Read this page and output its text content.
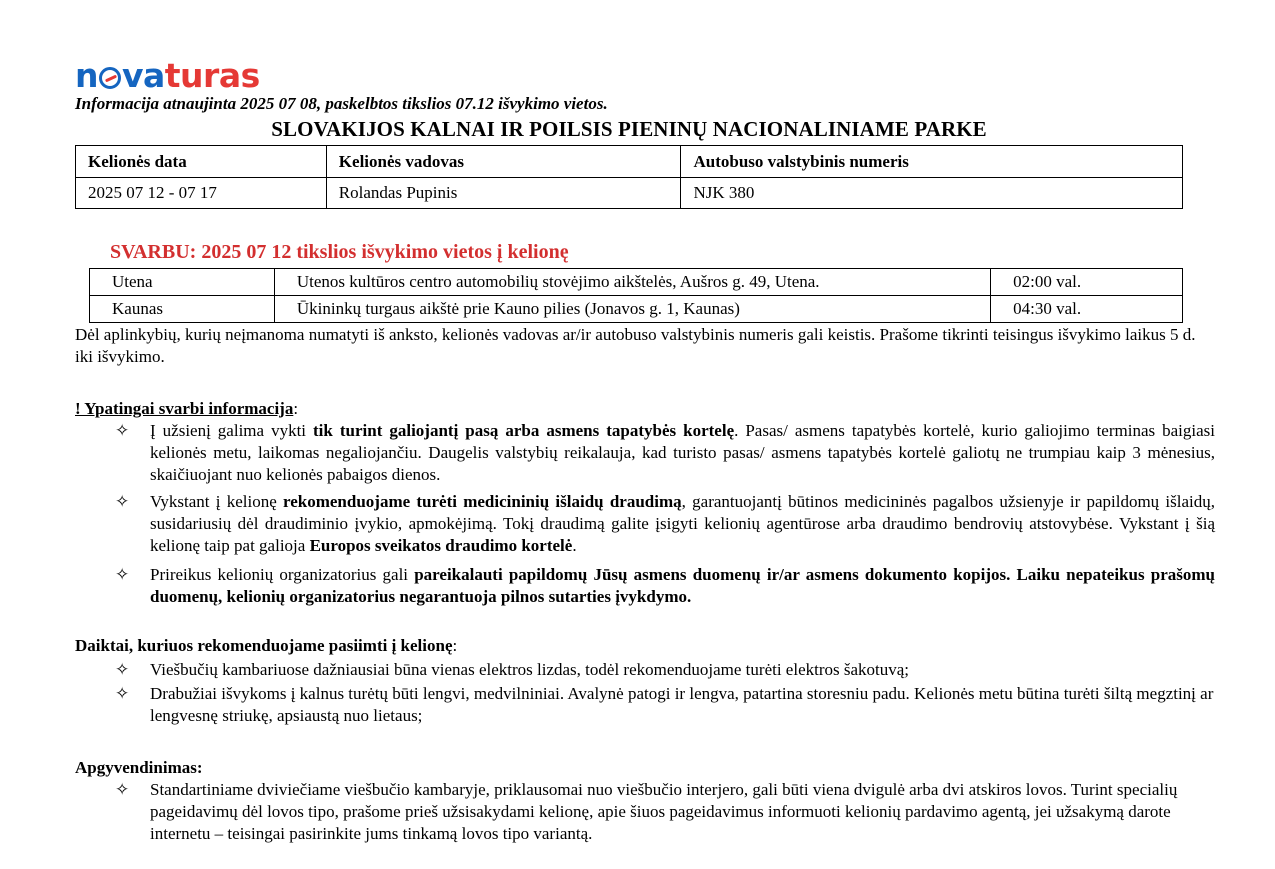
n va turas
Informacija atnaujinta 2025 07 08, paskelbtos tikslios 07.12 išvykimo vietos.
SLOVAKIJOS KALNAI IR POILSIS PIENINŲ NACIONALINIAME PARKE
Kelionės data	Kelionės vadovas	Autobuso valstybinis numeris
2025 07 12 - 07 17	Rolandas Pupinis	NJK 380
SVARBU: 2025 07 12 tikslios išvykimo vietos į kelionę
Utena	Utenos kultūros centro automobilių stovėjimo aikštelės, Aušros g. 49, Utena.	02:00 val.
Kaunas	Ūkininkų turgaus aikštė prie Kauno pilies (Jonavos g. 1, Kaunas)	04:30 val.
Dėl aplinkybių, kurių neįmanoma numatyti iš anksto, kelionės vadovas ar/ir autobuso valstybinis numeris gali keistis. Prašome tikrinti teisingus išvykimo laikus 5 d. iki išvykimo.
! Ypatingai svarbi informacija:
✧	Į užsienį galima vykti tik turint galiojantį pasą arba asmens tapatybės kortelę. Pasas/ asmens tapatybės kortelė, kurio galiojimo terminas baigiasi kelionės metu, laikomas negaliojančiu. Daugelis valstybių reikalauja, kad turisto pasas/ asmens tapatybės kortelė galiotų ne trumpiau kaip 3 mėnesius, skaičiuojant nuo kelionės pabaigos dienos.
✧	Vykstant į kelionę rekomenduojame turėti medicininių išlaidų draudimą, garantuojantį būtinos medicininės pagalbos užsienyje ir papildomų išlaidų, susidariusių dėl draudiminio įvykio, apmokėjimą. Tokį draudimą galite įsigyti kelionių agentūrose arba draudimo bendrovių atstovybėse. Vykstant į šią kelionę taip pat galioja Europos sveikatos draudimo kortelė.
✧	Prireikus kelionių organizatorius gali pareikalauti papildomų Jūsų asmens duomenų ir/ar asmens dokumento kopijos. Laiku nepateikus prašomų duomenų, kelionių organizatorius negarantuoja pilnos sutarties įvykdymo.
Daiktai, kuriuos rekomenduojame pasiimti į kelionę:
✧	Viešbučių kambariuose dažniausiai būna vienas elektros lizdas, todėl rekomenduojame turėti elektros šakotuvą;
✧	Drabužiai išvykoms į kalnus turėtų būti lengvi, medvilniniai. Avalynė patogi ir lengva, patartina storesniu padu. Kelionės metu būtina turėti šiltą megztinį ar lengvesnę striukę, apsiaustą nuo lietaus;
Apgyvendinimas:
✧	Standartiniame dviviečiame viešbučio kambaryje, priklausomai nuo viešbučio interjero, gali būti viena dvigulė arba dvi atskiros lovos. Turint specialių pageidavimų dėl lovos tipo, prašome prieš užsisakydami kelionę, apie šiuos pageidavimus informuoti kelionių pardavimo agentą, jei užsakymą darote internetu – teisingai pasirinkite jums tinkamą lovos tipo variantą.
